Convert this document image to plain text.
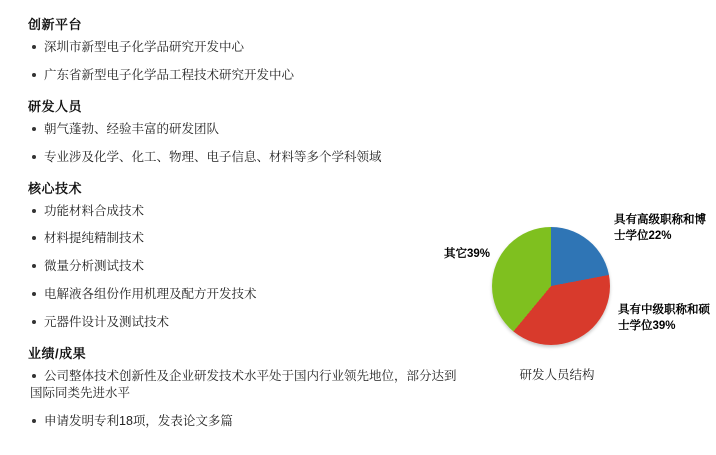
创新平台
深圳市新型电子化学品研究开发中心
广东省新型电子化学品工程技术研究开发中心
研发人员
朝气蓬勃、经验丰富的研发团队
专业涉及化学、化工、物理、电子信息、材料等多个学科领域
核心技术
功能材料合成技术
材料提纯精制技术
微量分析测试技术
电解液各组份作用机理及配方开发技术
元器件设计及测试技术
业绩/成果
公司整体技术创新性及企业研发技术水平处于国内行业领先地位，部分达到
国际同类先进水平
申请发明专利18项，发表论文多篇
具有高级职称和博士学位22%
具有中级职称和硕士学位39%
其它39%
研发人员结构
